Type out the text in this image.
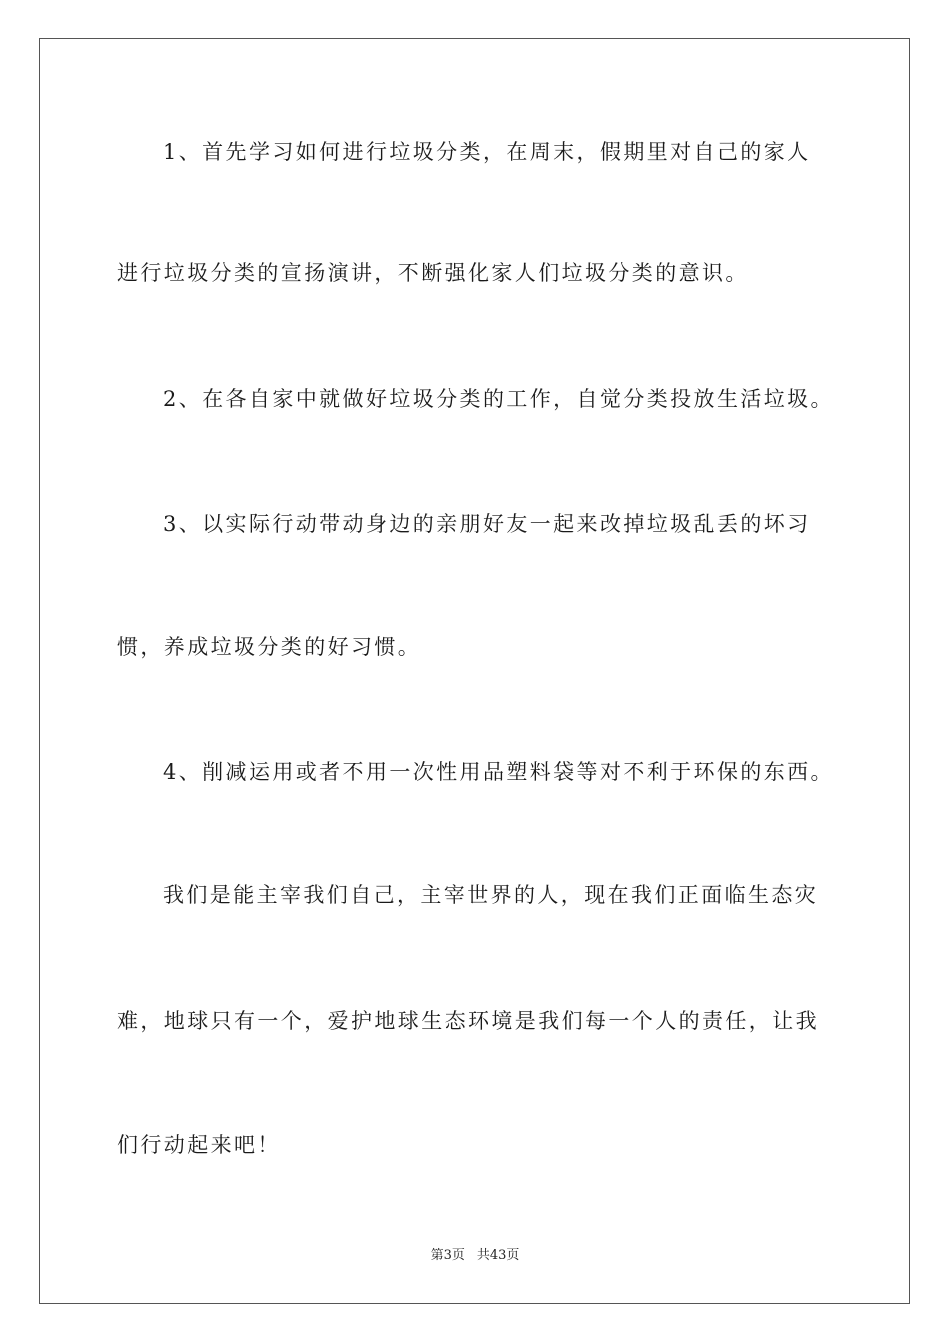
1、首先学习如何进行垃圾分类，在周末，假期里对自己的家人
进行垃圾分类的宣扬演讲，不断强化家人们垃圾分类的意识。
2、在各自家中就做好垃圾分类的工作，自觉分类投放生活垃圾。
3、以实际行动带动身边的亲朋好友一起来改掉垃圾乱丢的坏习
惯，养成垃圾分类的好习惯。
4、削减运用或者不用一次性用品塑料袋等对不利于环保的东西。
我们是能主宰我们自己，主宰世界的人，现在我们正面临生态灾
难，地球只有一个，爱护地球生态环境是我们每一个人的责任，让我
们行动起来吧！
第3页 共43页
